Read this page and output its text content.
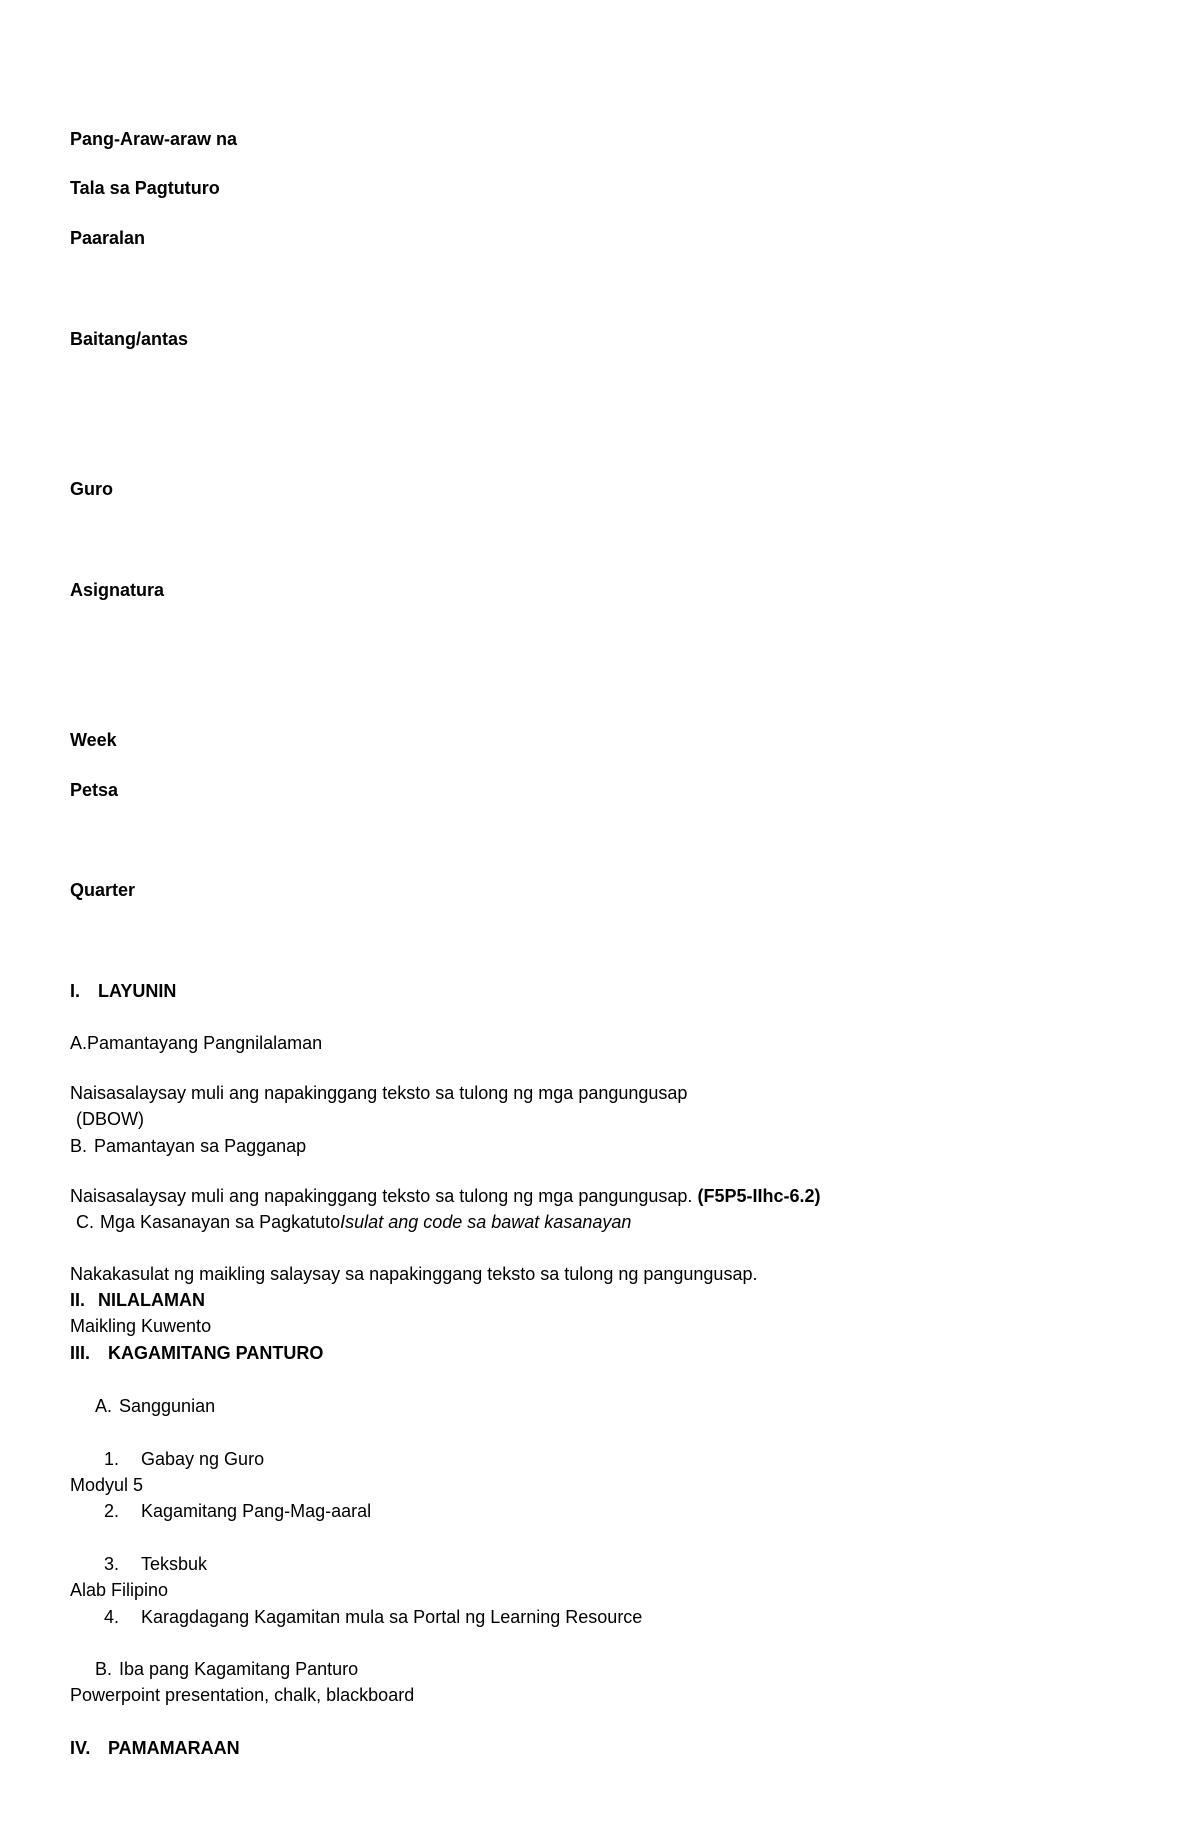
Pang-Araw-araw na
Tala sa Pagtuturo
Paaralan
Baitang/antas
Guro
Asignatura
Week
Petsa
Quarter
I. LAYUNIN
A.Pamantayang Pangnilalaman
Naisasalaysay muli ang napakinggang teksto sa tulong ng mga pangungusap
(DBOW)
B. Pamantayan sa Pagganap
Naisasalaysay muli ang napakinggang teksto sa tulong ng mga pangungusap. (F5P5-IIhc-6.2)
C. Mga Kasanayan sa PagkatutoIsulat ang code sa bawat kasanayan
Nakakasulat ng maikling salaysay sa napakinggang teksto sa tulong ng pangungusap.
II. NILALAMAN
Maikling Kuwento
III. KAGAMITANG PANTURO
A. Sanggunian
1. Gabay ng Guro
Modyul 5
2. Kagamitang Pang-Mag-aaral
3. Teksbuk
Alab Filipino
4. Karagdagang Kagamitan mula sa Portal ng Learning Resource
B. Iba pang Kagamitang Panturo
Powerpoint presentation, chalk, blackboard
IV. PAMAMARAAN
